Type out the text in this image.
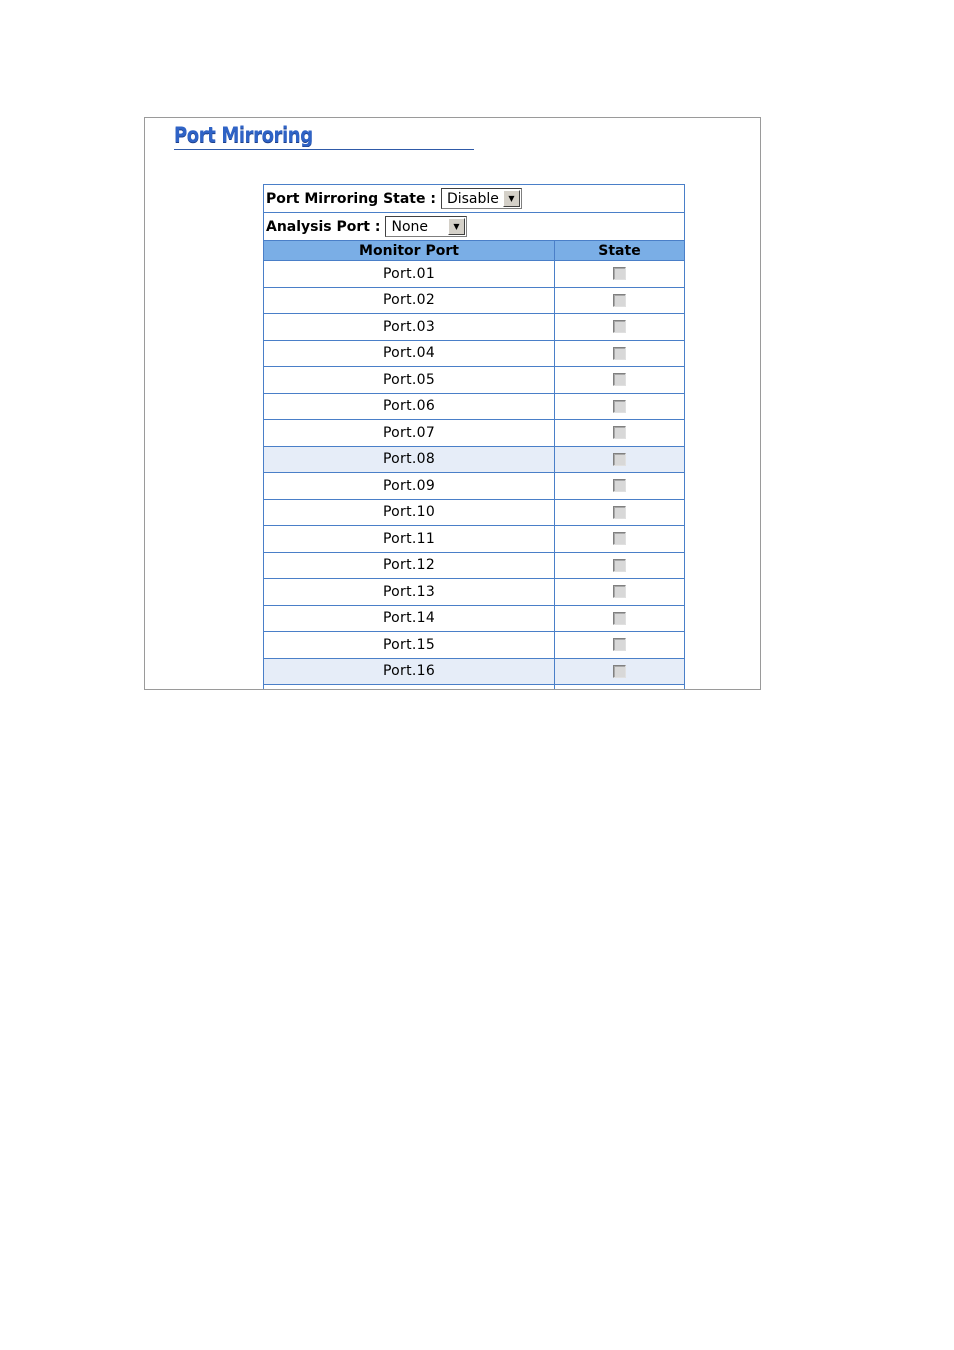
Port Mirroring
Port Mirroring State : Disable	▼
Analysis Port : None	▼
Monitor Port	State
Port.01
Port.02
Port.03
Port.04
Port.05
Port.06
Port.07
Port.08
Port.09
Port.10
Port.11
Port.12
Port.13
Port.14
Port.15
Port.16
